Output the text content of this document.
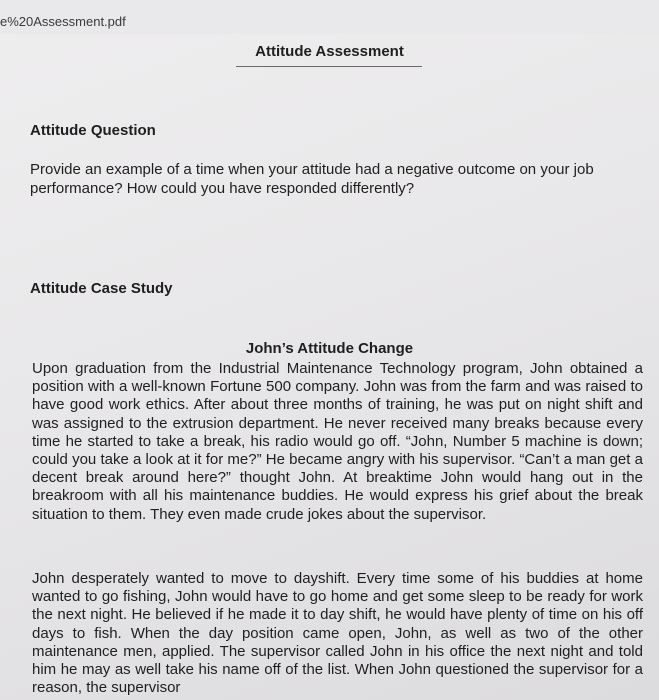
e%20Assessment.pdf
Attitude Assessment
Attitude Question

Provide an example of a time when your attitude had a negative outcome on your job performance? How could you have responded differently?

Attitude Case Study
John’s Attitude Change

Upon graduation from the Industrial Maintenance Technology program, John obtained a position with a well-known Fortune 500 company. John was from the farm and was raised to have good work ethics. After about three months of training, he was put on night shift and was assigned to the extrusion department. He never received many breaks because every time he started to take a break, his radio would go off. “John, Number 5 machine is down; could you take a look at it for me?” He became angry with his supervisor. “Can’t a man get a decent break around here?” thought John. At breaktime John would hang out in the breakroom with all his maintenance buddies. He would express his grief about the break situation to them. They even made crude jokes about the supervisor.

John desperately wanted to move to dayshift. Every time some of his buddies at home wanted to go fishing, John would have to go home and get some sleep to be ready for work the next night. He believed if he made it to day shift, he would have plenty of time on his off days to fish. When the day position came open, John, as well as two of the other maintenance men, applied. The supervisor called John in his office the next night and told him he may as well take his name off of the list. When John questioned the supervisor for a reason, the supervisor
